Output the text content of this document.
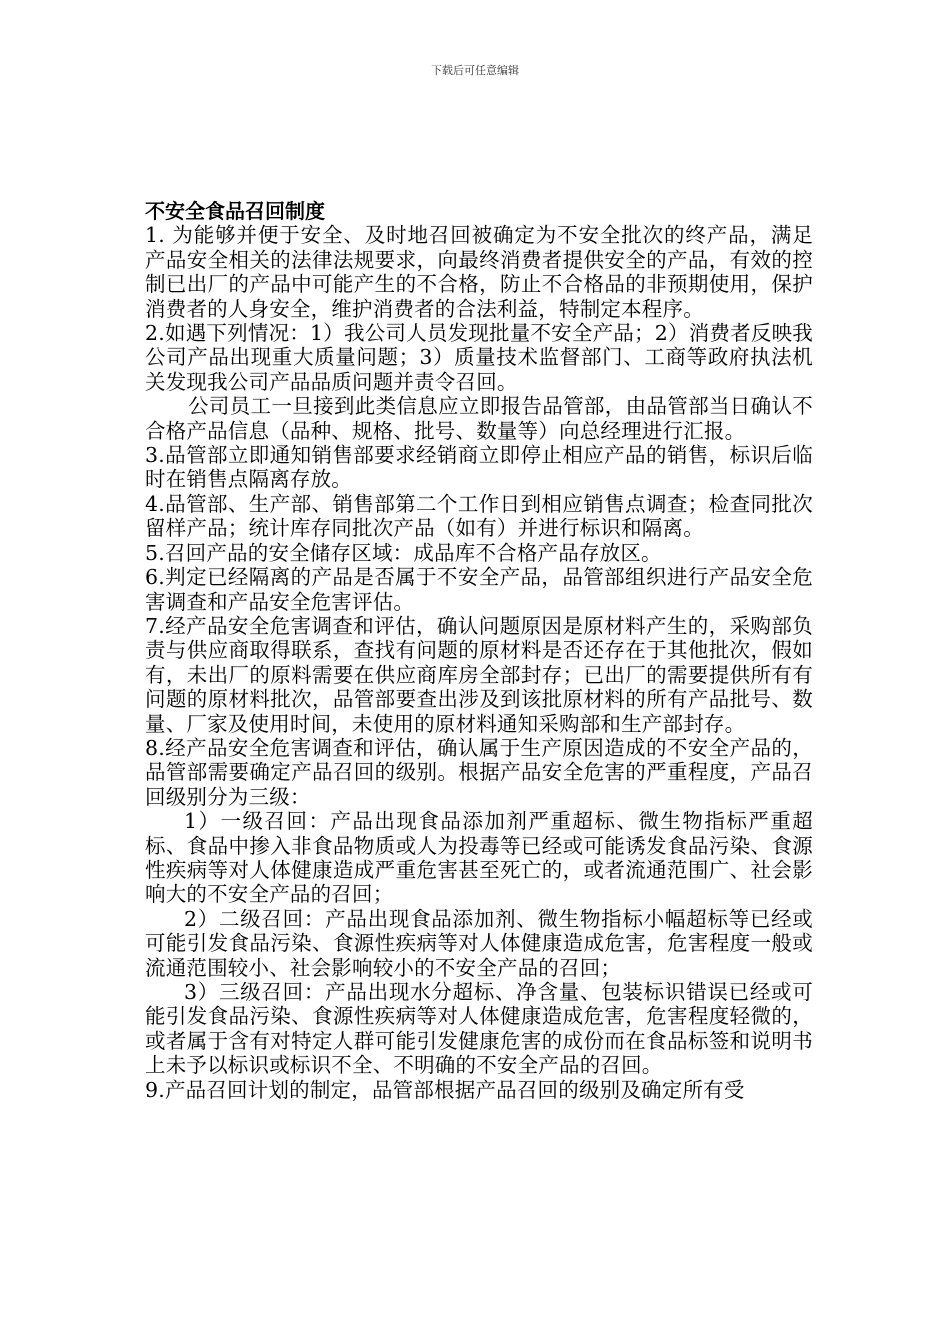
下载后可任意编辑
不安全食品召回制度

1. 为能够并便于安全、及时地召回被确定为不安全批次的终产品，满足产品安全相关的法律法规要求，向最终消费者提供安全的产品，有效的控制已出厂的产品中可能产生的不合格，防止不合格品的非预期使用，保护消费者的人身安全，维护消费者的合法利益，特制定本程序。

2.如遇下列情况：1）我公司人员发现批量不安全产品；2）消费者反映我公司产品出现重大质量问题；3）质量技术监督部门、工商等政府执法机关发现我公司产品品质问题并责令召回。

公司员工一旦接到此类信息应立即报告品管部，由品管部当日确认不合格产品信息（品种、规格、批号、数量等）向总经理进行汇报。

3.品管部立即通知销售部要求经销商立即停止相应产品的销售，标识后临时在销售点隔离存放。

4.品管部、生产部、销售部第二个工作日到相应销售点调查；检查同批次留样产品；统计库存同批次产品（如有）并进行标识和隔离。

5.召回产品的安全储存区域：成品库不合格产品存放区。

6.判定已经隔离的产品是否属于不安全产品，品管部组织进行产品安全危害调查和产品安全危害评估。

7.经产品安全危害调查和评估，确认问题原因是原材料产生的，采购部负责与供应商取得联系，查找有问题的原材料是否还存在于其他批次，假如有，未出厂的原料需要在供应商库房全部封存；已出厂的需要提供所有有问题的原材料批次，品管部要查出涉及到该批原材料的所有产品批号、数量、厂家及使用时间，未使用的原材料通知采购部和生产部封存。

8.经产品安全危害调查和评估，确认属于生产原因造成的不安全产品的，品管部需要确定产品召回的级别。根据产品安全危害的严重程度，产品召回级别分为三级：

1）一级召回：产品出现食品添加剂严重超标、微生物指标严重超标、食品中掺入非食品物质或人为投毒等已经或可能诱发食品污染、食源性疾病等对人体健康造成严重危害甚至死亡的，或者流通范围广、社会影响大的不安全产品的召回；

2）二级召回：产品出现食品添加剂、微生物指标小幅超标等已经或可能引发食品污染、食源性疾病等对人体健康造成危害，危害程度一般或流通范围较小、社会影响较小的不安全产品的召回；

3）三级召回：产品出现水分超标、净含量、包装标识错误已经或可能引发食品污染、食源性疾病等对人体健康造成危害，危害程度轻微的，或者属于含有对特定人群可能引发健康危害的成份而在食品标签和说明书上未予以标识或标识不全、不明确的不安全产品的召回。

9.产品召回计划的制定，品管部根据产品召回的级别及确定所有受
